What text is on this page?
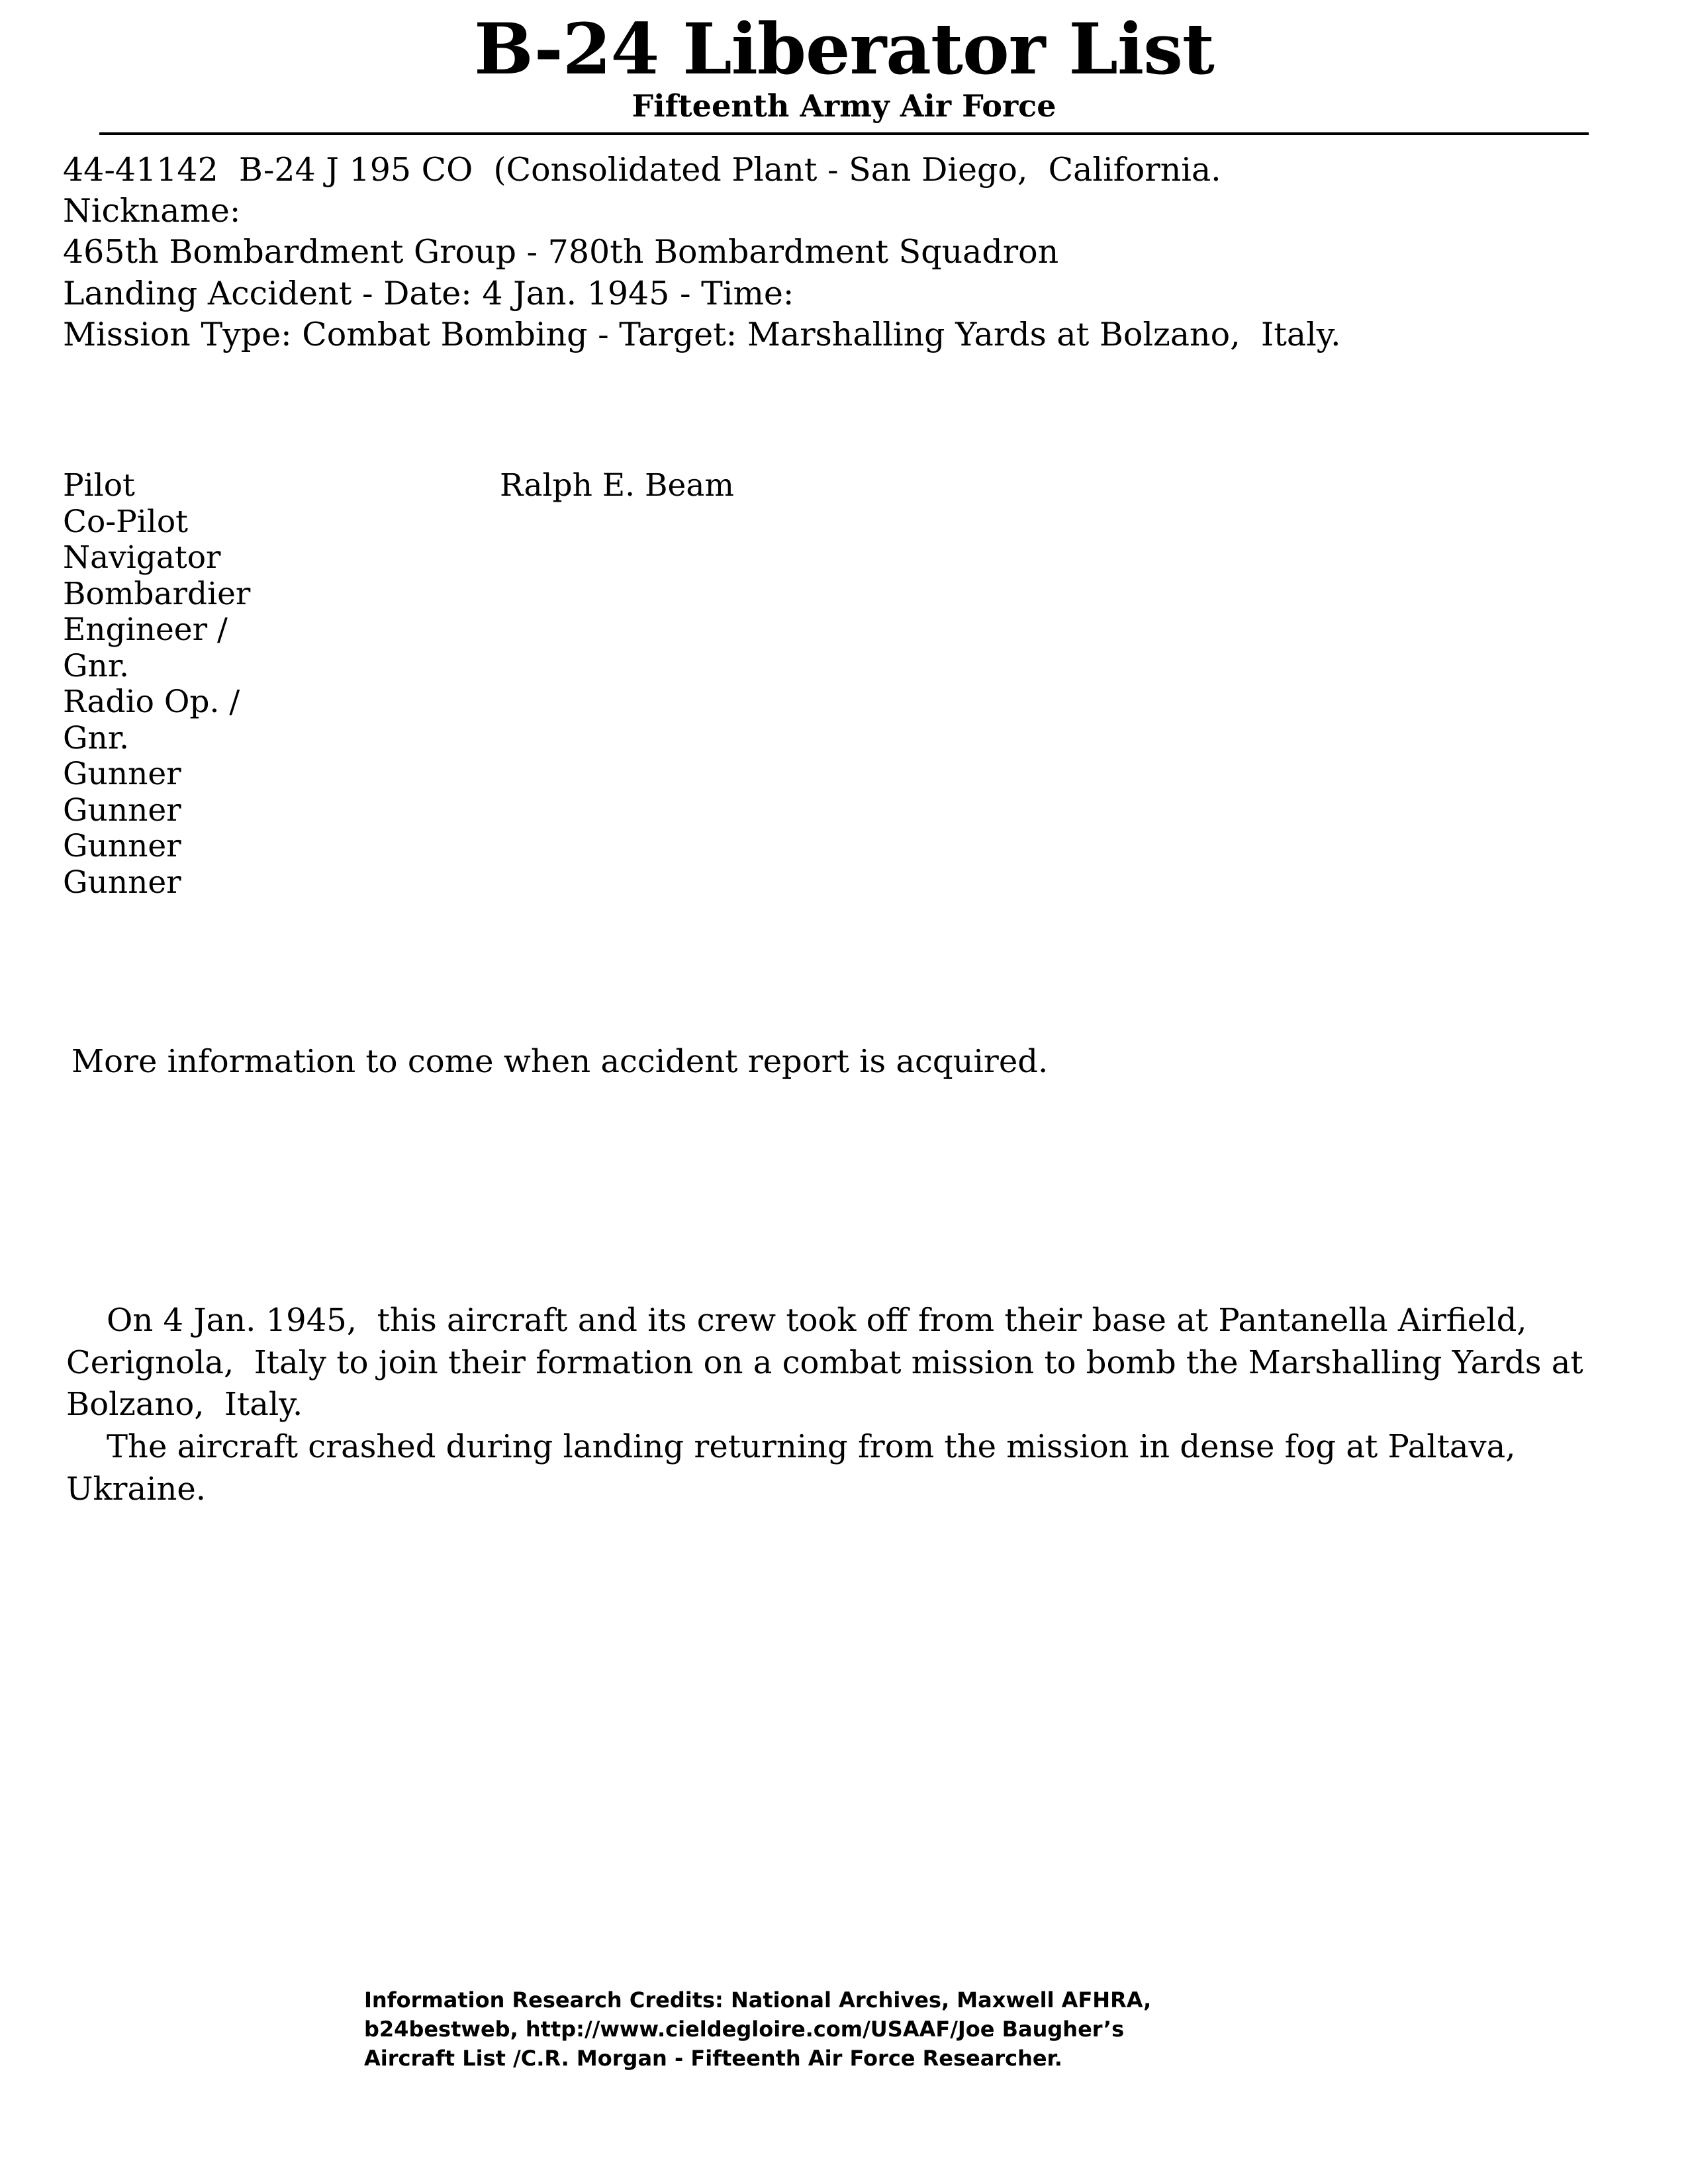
B-24 Liberator List
Fifteenth Army Air Force
44-41142  B-24 J 195 CO  (Consolidated Plant - San Diego,  California.
Nickname:
465th Bombardment Group - 780th Bombardment Squadron
Landing Accident - Date: 4 Jan. 1945 - Time:
Mission Type: Combat Bombing - Target: Marshalling Yards at Bolzano,  Italy.
Pilot	Ralph E. Beam
Co-Pilot
Navigator
Bombardier
Engineer /
Gnr.
Radio Op. /
Gnr.
Gunner
Gunner
Gunner
Gunner
More information to come when accident report is acquired.

On 4 Jan. 1945,  this aircraft and its crew took off from their base at Pantanella Airfield,  Cerignola,  Italy to join their formation on a combat mission to bomb the Marshalling Yards at Bolzano,  Italy.

The aircraft crashed during landing returning from the mission in dense fog at Paltava,  Ukraine.

Information Research Credits: National Archives, Maxwell AFHRA,
b24bestweb, http://www.cieldegloire.com/USAAF/Joe Baugher’s
Aircraft List /C.R. Morgan - Fifteenth Air Force Researcher.
